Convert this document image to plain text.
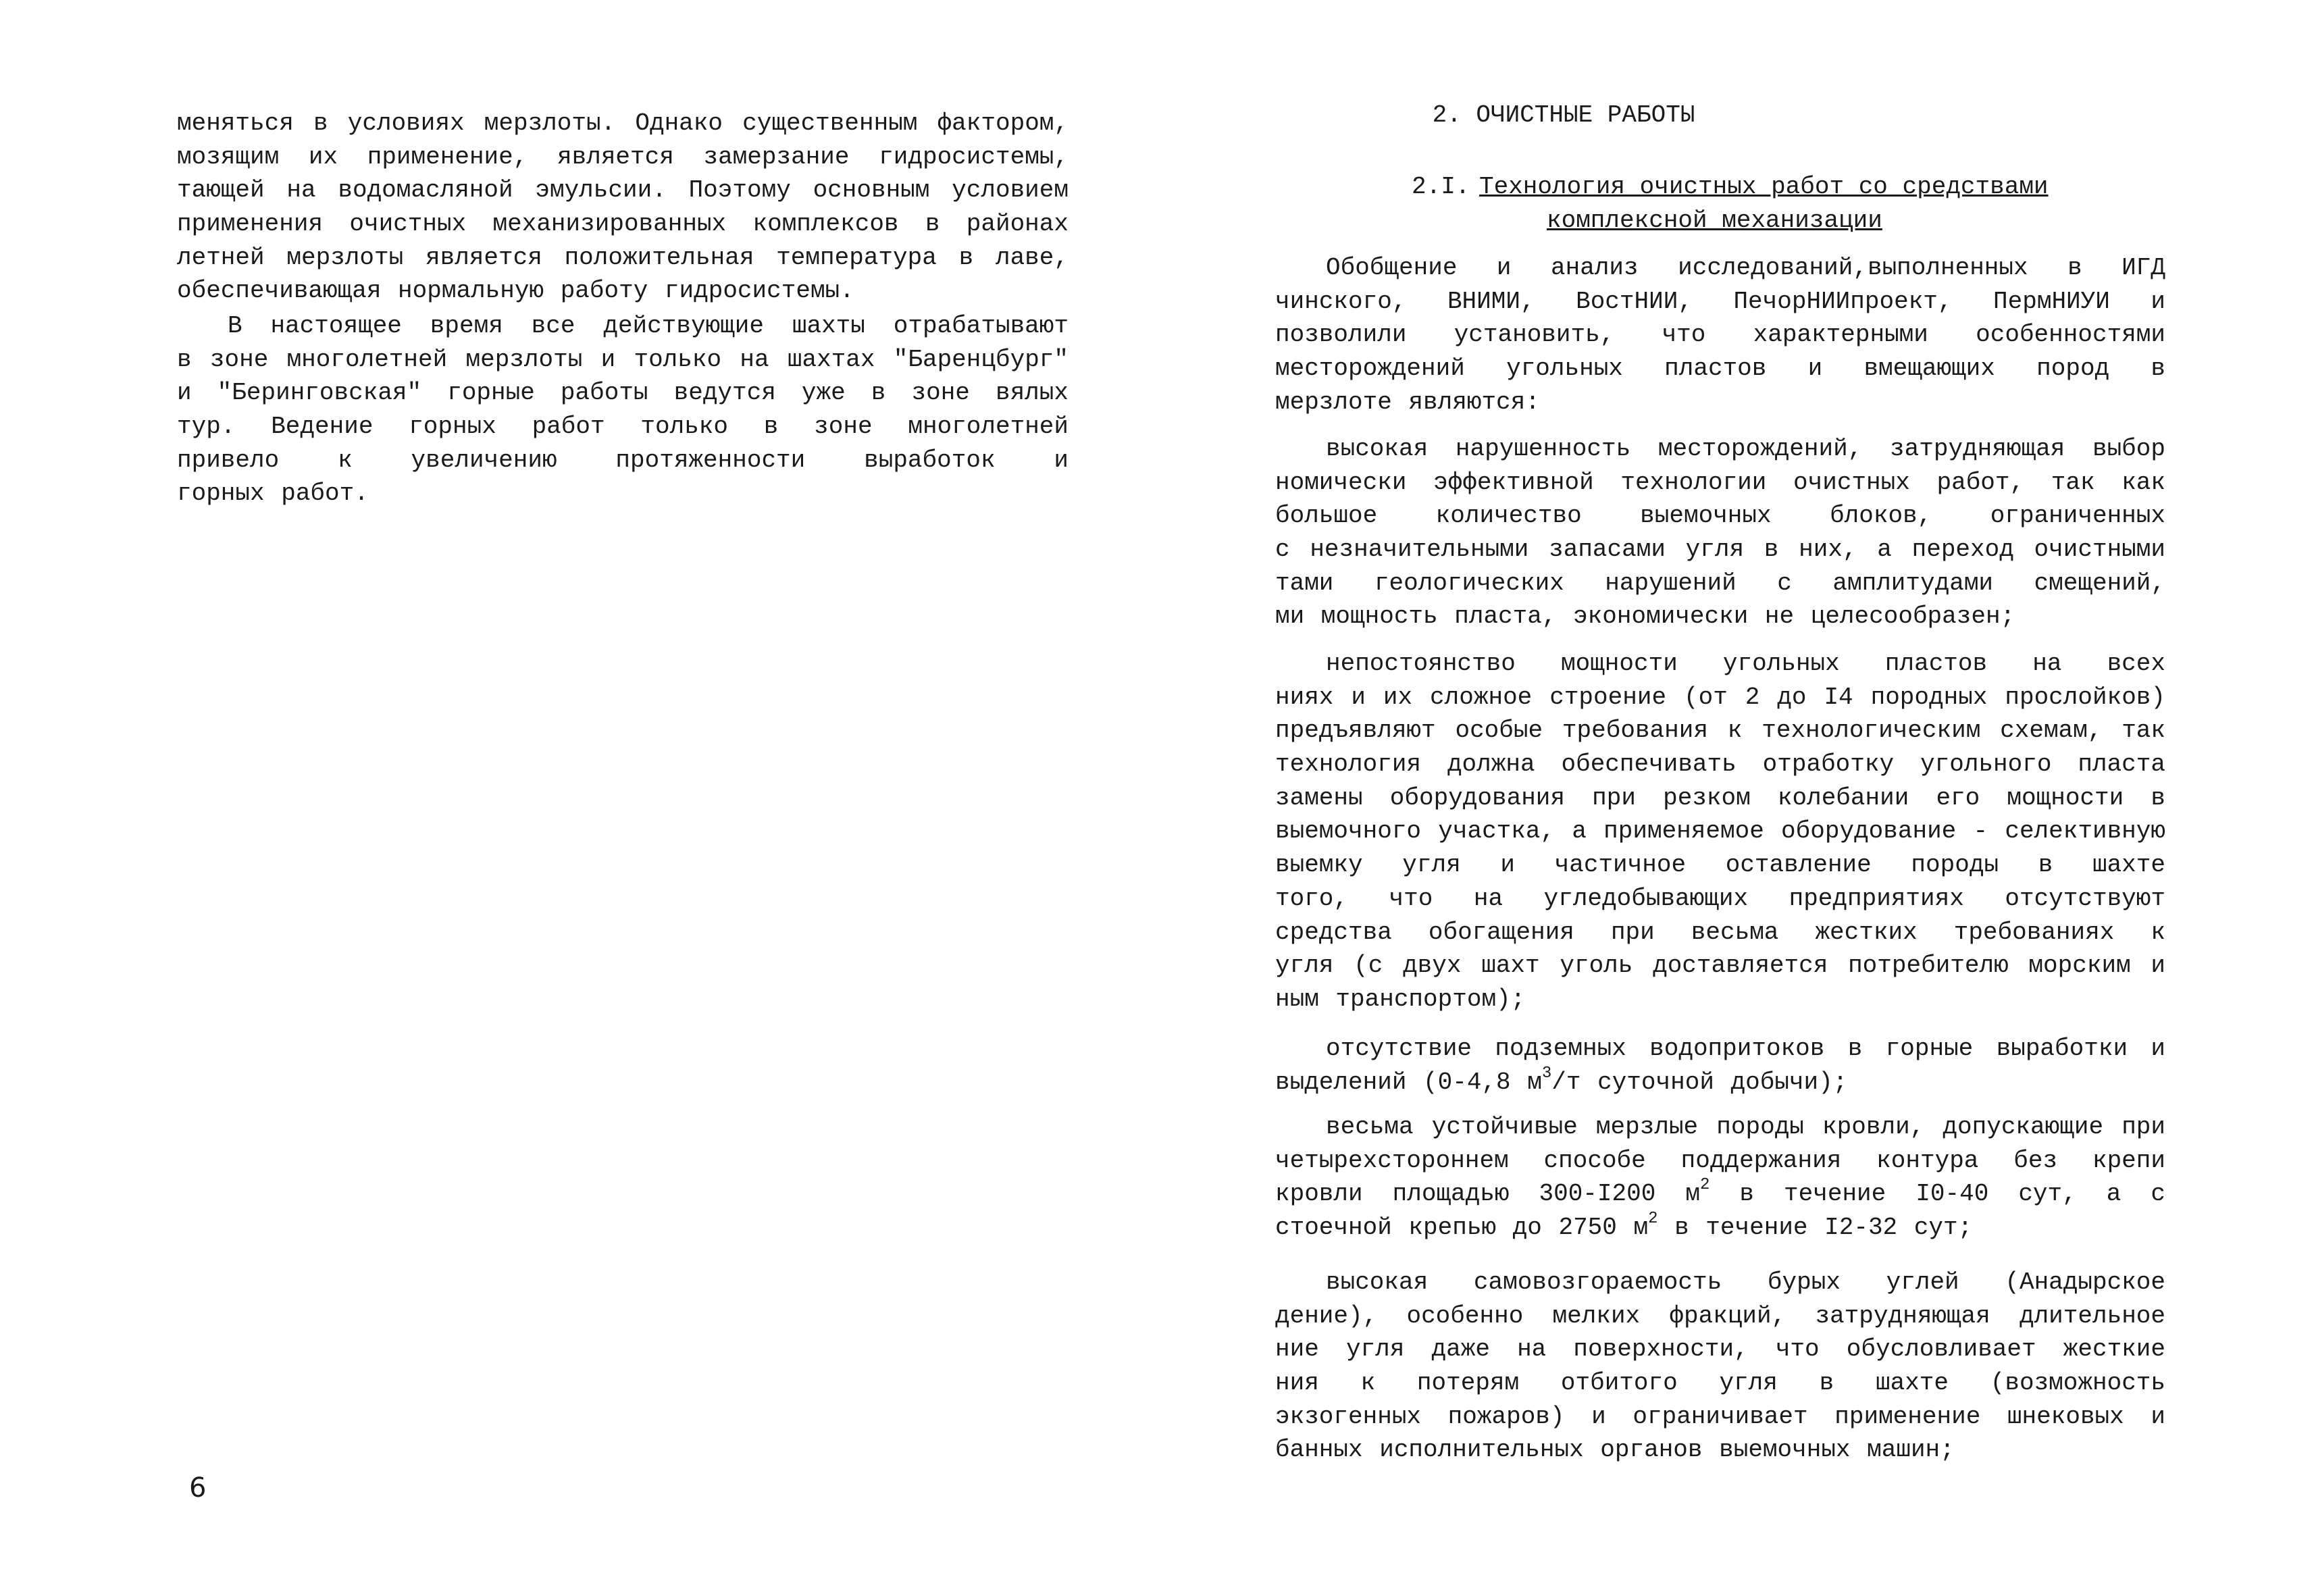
меняться в условиях мерзлоты. Однако существенным фактором,
мозящим их применение, является замерзание гидросистемы,
тающей на водомасляной эмульсии. Поэтому основным условием
применения очистных механизированных комплексов в районах
летней мерзлоты является положительная температура в лаве,
обеспечивающая нормальную работу гидросистемы.
В настоящее время все действующие шахты отрабатывают
в зоне многолетней мерзлоты и только на шахтах "Баренцбург"
и "Беринговская" горные работы ведутся уже в зоне вялых
тур. Ведение горных работ только в зоне многолетней
привело к увеличению протяженности выработок и
горных работ.
6
2. ОЧИСТНЫЕ РАБОТЫ
2.I. Технология очистных работ со средствами
комплексной механизации
Обобщение и анализ исследований,выполненных в ИГД
чинского, ВНИМИ, ВостНИИ, ПечорНИИпроект, ПермНИУИ и
позволили установить, что характерными особенностями
месторождений угольных пластов и вмещающих пород в
мерзлоте являются:
высокая нарушенность месторождений, затрудняющая выбор
номически эффективной технологии очистных работ, так как
большое количество выемочных блоков, ограниченных
с незначительными запасами угля в них, а переход очистными
тами геологических нарушений с амплитудами смещений,
ми мощность пласта, экономически не целесообразен;
непостоянство мощности угольных пластов на всех
ниях и их сложное строение (от 2 до I4 породных прослойков)
предъявляют особые требования к технологическим схемам, так
технология должна обеспечивать отработку угольного пласта
замены оборудования при резком колебании его мощности в
выемочного участка, а применяемое оборудование - селективную
выемку угля и частичное оставление породы в шахте
того, что на угледобывающих предприятиях отсутствуют
средства обогащения при весьма жестких требованиях к
угля (с двух шахт уголь доставляется потребителю морским и
ным транспортом);
отсутствие подземных водопритоков в горные выработки и
выделений (0-4,8 $м^3/т$ суточной добычи);
весьма устойчивые мерзлые породы кровли, допускающие при
четырехстороннем способе поддержания контура без крепи
кровли площадью 300-I200 $м^2$ в течение I0-40 сут, а с
стоечной крепью до 2750 $м^2$ в течение I2-32 сут;
высокая самовозгораемость бурых углей (Анадырское
дение), особенно мелких фракций, затрудняющая длительное
ние угля даже на поверхности, что обусловливает жесткие
ния к потерям отбитого угля в шахте (возможность
экзогенных пожаров) и ограничивает применение шнековых и
банных исполнительных органов выемочных машин;
